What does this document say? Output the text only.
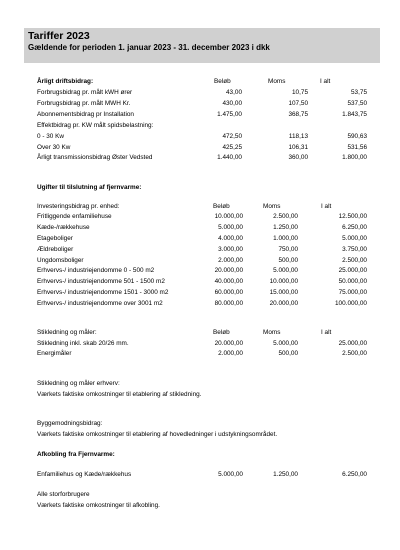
Tariffer 2023
Gældende for perioden 1. januar 2023 - 31. december 2023 i dkk
Årligt driftsbidrag:	Beløb	Moms	I alt
Forbrugsbidrag pr. målt kWH ører	43,00	10,75	53,75
Forbrugsbidrag pr. målt MWH Kr.	430,00	107,50	537,50
Abonnementsbidrag pr Installation	1.475,00	368,75	1.843,75
Effektbidrag pr. KW målt spidsbelastning:
0 - 30 Kw	472,50	118,13	590,63
Over 30 Kw	425,25	106,31	531,56
Årligt transmissionsbidrag Øster Vedsted	1.440,00	360,00	1.800,00
Ugifter til tilslutning af fjernvarme:
Investeringsbidrag pr. enhed:	Beløb	Moms	I alt
Fritliggende enfamiliehuse	10.000,00	2.500,00	12.500,00
Kæde-/rækkehuse	5.000,00	1.250,00	6.250,00
Etageboliger	4.000,00	1.000,00	5.000,00
Ældreboliger	3.000,00	750,00	3.750,00
Ungdomsboliger	2.000,00	500,00	2.500,00
Erhvervs-/ industriejendomme 0 - 500 m2	20.000,00	5.000,00	25.000,00
Erhvervs-/ industriejendomme 501 - 1500 m2	40.000,00	10.000,00	50.000,00
Erhvervs-/ industriejendomme 1501 - 3000 m2	60.000,00	15.000,00	75.000,00
Erhvervs-/ industriejendomme over 3001 m2	80.000,00	20.000,00	100.000,00
Stikledning og måler:	Beløb	Moms	I alt
Stikledning inkl. skab 20/26 mm.	20.000,00	5.000,00	25.000,00
Energimåler	2.000,00	500,00	2.500,00
Stikledning og måler erhverv:
Værkets faktiske omkostninger til etablering af stikledning.
Byggemodningsbidrag:
Værkets faktiske omkostninger til etablering af hovedledninger i udstykningsområdet.
Afkobling fra Fjernvarme:
Enfamiliehus og Kæde/rækkehus	5.000,00	1.250,00	6.250,00
Alle storforbrugere
Værkets faktiske omkostninger til afkobling.
